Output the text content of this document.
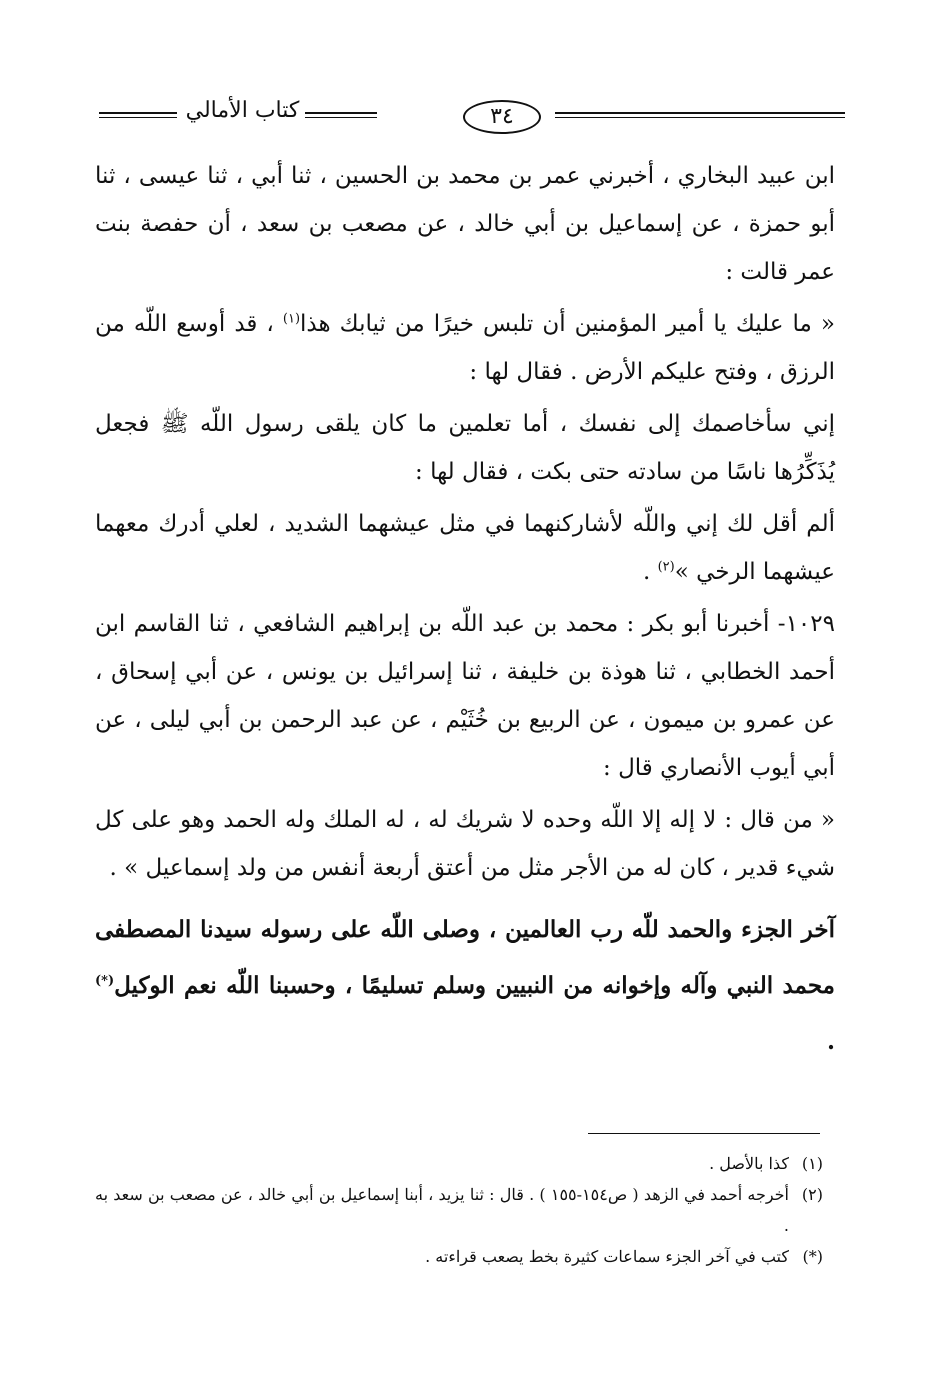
كتاب الأمالي	٣٤

ابن عبيد البخاري ، أخبرني عمر بن محمد بن الحسين ، ثنا أبي ، ثنا عيسى ، ثنا أبو حمزة ، عن إسماعيل بن أبي خالد ، عن مصعب بن سعد ، أن حفصة بنت عمر قالت :

« ما عليك يا أمير المؤمنين أن تلبس خيرًا من ثيابك هذا$^{(١)}$ ، قد أوسع اللّه من الرزق ، وفتح عليكم الأرض . فقال لها :

إني سأخاصمك إلى نفسك ، أما تعلمين ما كان يلقى رسول اللّه ﷺ فجعل يُذَكِّرُها ناسًا من سادته حتى بكت ، فقال لها :

ألم أقل لك إني واللّه لأشاركنهما في مثل عيشهما الشديد ، لعلي أدرك معهما عيشهما الرخي »$^{(٢)}$ .

١٠٢٩- أخبرنا أبو بكر : محمد بن عبد اللّه بن إبراهيم الشافعي ، ثنا القاسم ابن أحمد الخطابي ، ثنا هوذة بن خليفة ، ثنا إسرائيل بن يونس ، عن أبي إسحاق ، عن عمرو بن ميمون ، عن الربيع بن خُثَيْم ، عن عبد الرحمن بن أبي ليلى ، عن أبي أيوب الأنصاري قال :

« من قال : لا إله إلا اللّه وحده لا شريك له ، له الملك وله الحمد وهو على كل شيء قدير ، كان له من الأجر مثل من أعتق أربعة أنفس من ولد إسماعيل » .

آخر الجزء والحمد للّه رب العالمين ، وصلى اللّه على رسوله سيدنا المصطفى محمد النبي وآله وإخوانه من النبيين وسلم تسليمًا ، وحسبنا اللّه نعم الوكيل(*) .

(١)
كذا بالأصل .

(٢)
أخرجه أحمد في الزهد ( ص١٥٤-١٥٥ ) . قال : ثنا يزيد ، أبنا إسماعيل بن أبي خالد ، عن مصعب بن سعد به .

(*)
كتب في آخر الجزء سماعات كثيرة بخط يصعب قراءته .
